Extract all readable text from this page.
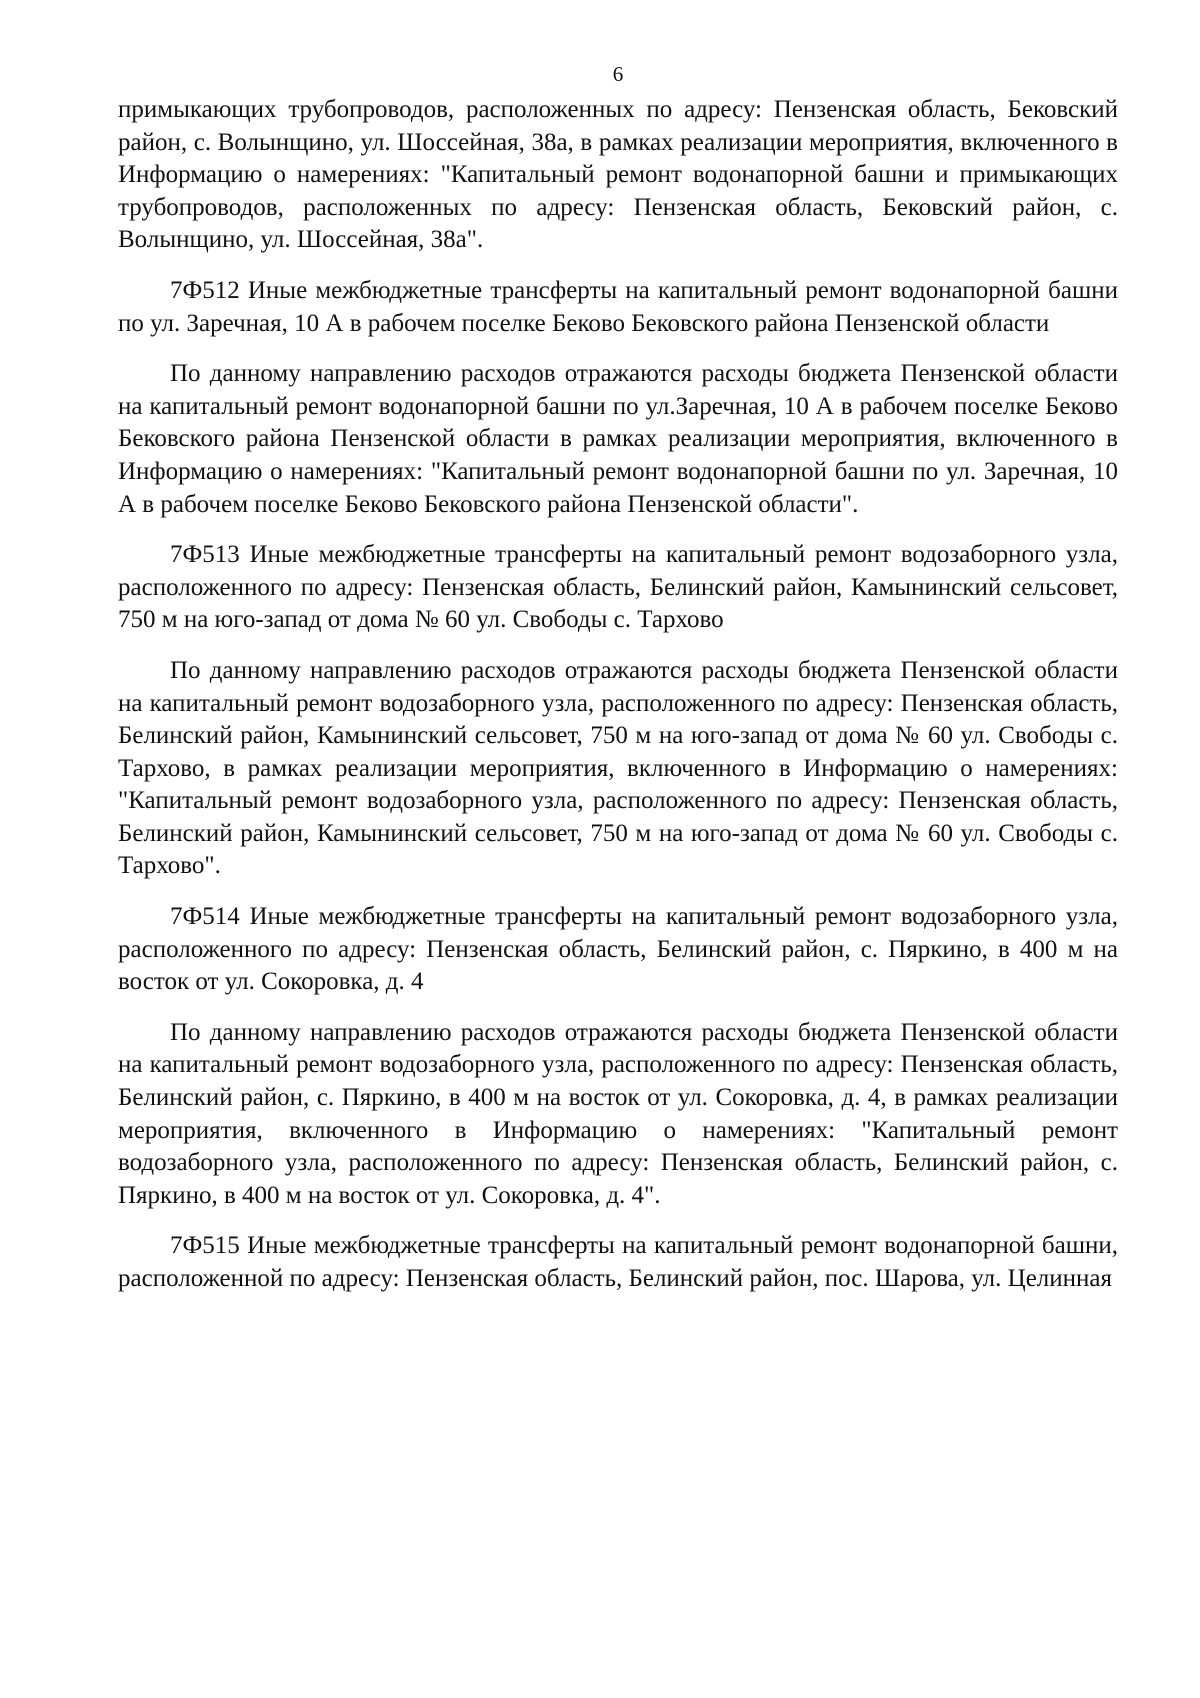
6

примыкающих трубопроводов, расположенных по адресу: Пензенская область, Бековский район, с. Волынщино, ул. Шоссейная, 38а, в рамках реализации мероприятия, включенного в Информацию о намерениях: "Капитальный ремонт водонапорной башни и примыкающих трубопроводов, расположенных по адресу: Пензенская область, Бековский район, с. Волынщино, ул. Шоссейная, 38а".

7Ф512 Иные межбюджетные трансферты на капитальный ремонт водонапорной башни по ул. Заречная, 10 А в рабочем поселке Беково Бековского района Пензенской области

По данному направлению расходов отражаются расходы бюджета Пензенской области на капитальный ремонт водонапорной башни по ул.Заречная, 10 А в рабочем поселке Беково Бековского района Пензенской области в рамках реализации мероприятия, включенного в Информацию о намерениях: "Капитальный ремонт водонапорной башни по ул. Заречная, 10 А в рабочем поселке Беково Бековского района Пензенской области".

7Ф513 Иные межбюджетные трансферты на капитальный ремонт водозаборного узла, расположенного по адресу: Пензенская область, Белинский район, Камынинский сельсовет, 750 м на юго-запад от дома № 60 ул. Свободы с. Тархово

По данному направлению расходов отражаются расходы бюджета Пензенской области на капитальный ремонт водозаборного узла, расположенного по адресу: Пензенская область, Белинский район, Камынинский сельсовет, 750 м на юго-запад от дома № 60 ул. Свободы с. Тархово, в рамках реализации мероприятия, включенного в Информацию о намерениях: "Капитальный ремонт водозаборного узла, расположенного по адресу: Пензенская область, Белинский район, Камынинский сельсовет, 750 м на юго-запад от дома № 60 ул. Свободы с. Тархово".

7Ф514 Иные межбюджетные трансферты на капитальный ремонт водозаборного узла, расположенного по адресу: Пензенская область, Белинский район, с. Пяркино, в 400 м на восток от ул. Сокоровка, д. 4

По данному направлению расходов отражаются расходы бюджета Пензенской области на капитальный ремонт водозаборного узла, расположенного по адресу: Пензенская область, Белинский район, с. Пяркино, в 400 м на восток от ул. Сокоровка, д. 4, в рамках реализации мероприятия, включенного в Информацию о намерениях: "Капитальный ремонт водозаборного узла, расположенного по адресу: Пензенская область, Белинский район, с. Пяркино, в 400 м на восток от ул. Сокоровка, д. 4".

7Ф515 Иные межбюджетные трансферты на капитальный ремонт водонапорной башни, расположенной по адресу: Пензенская область, Белинский район, пос. Шарова, ул. Целинная
